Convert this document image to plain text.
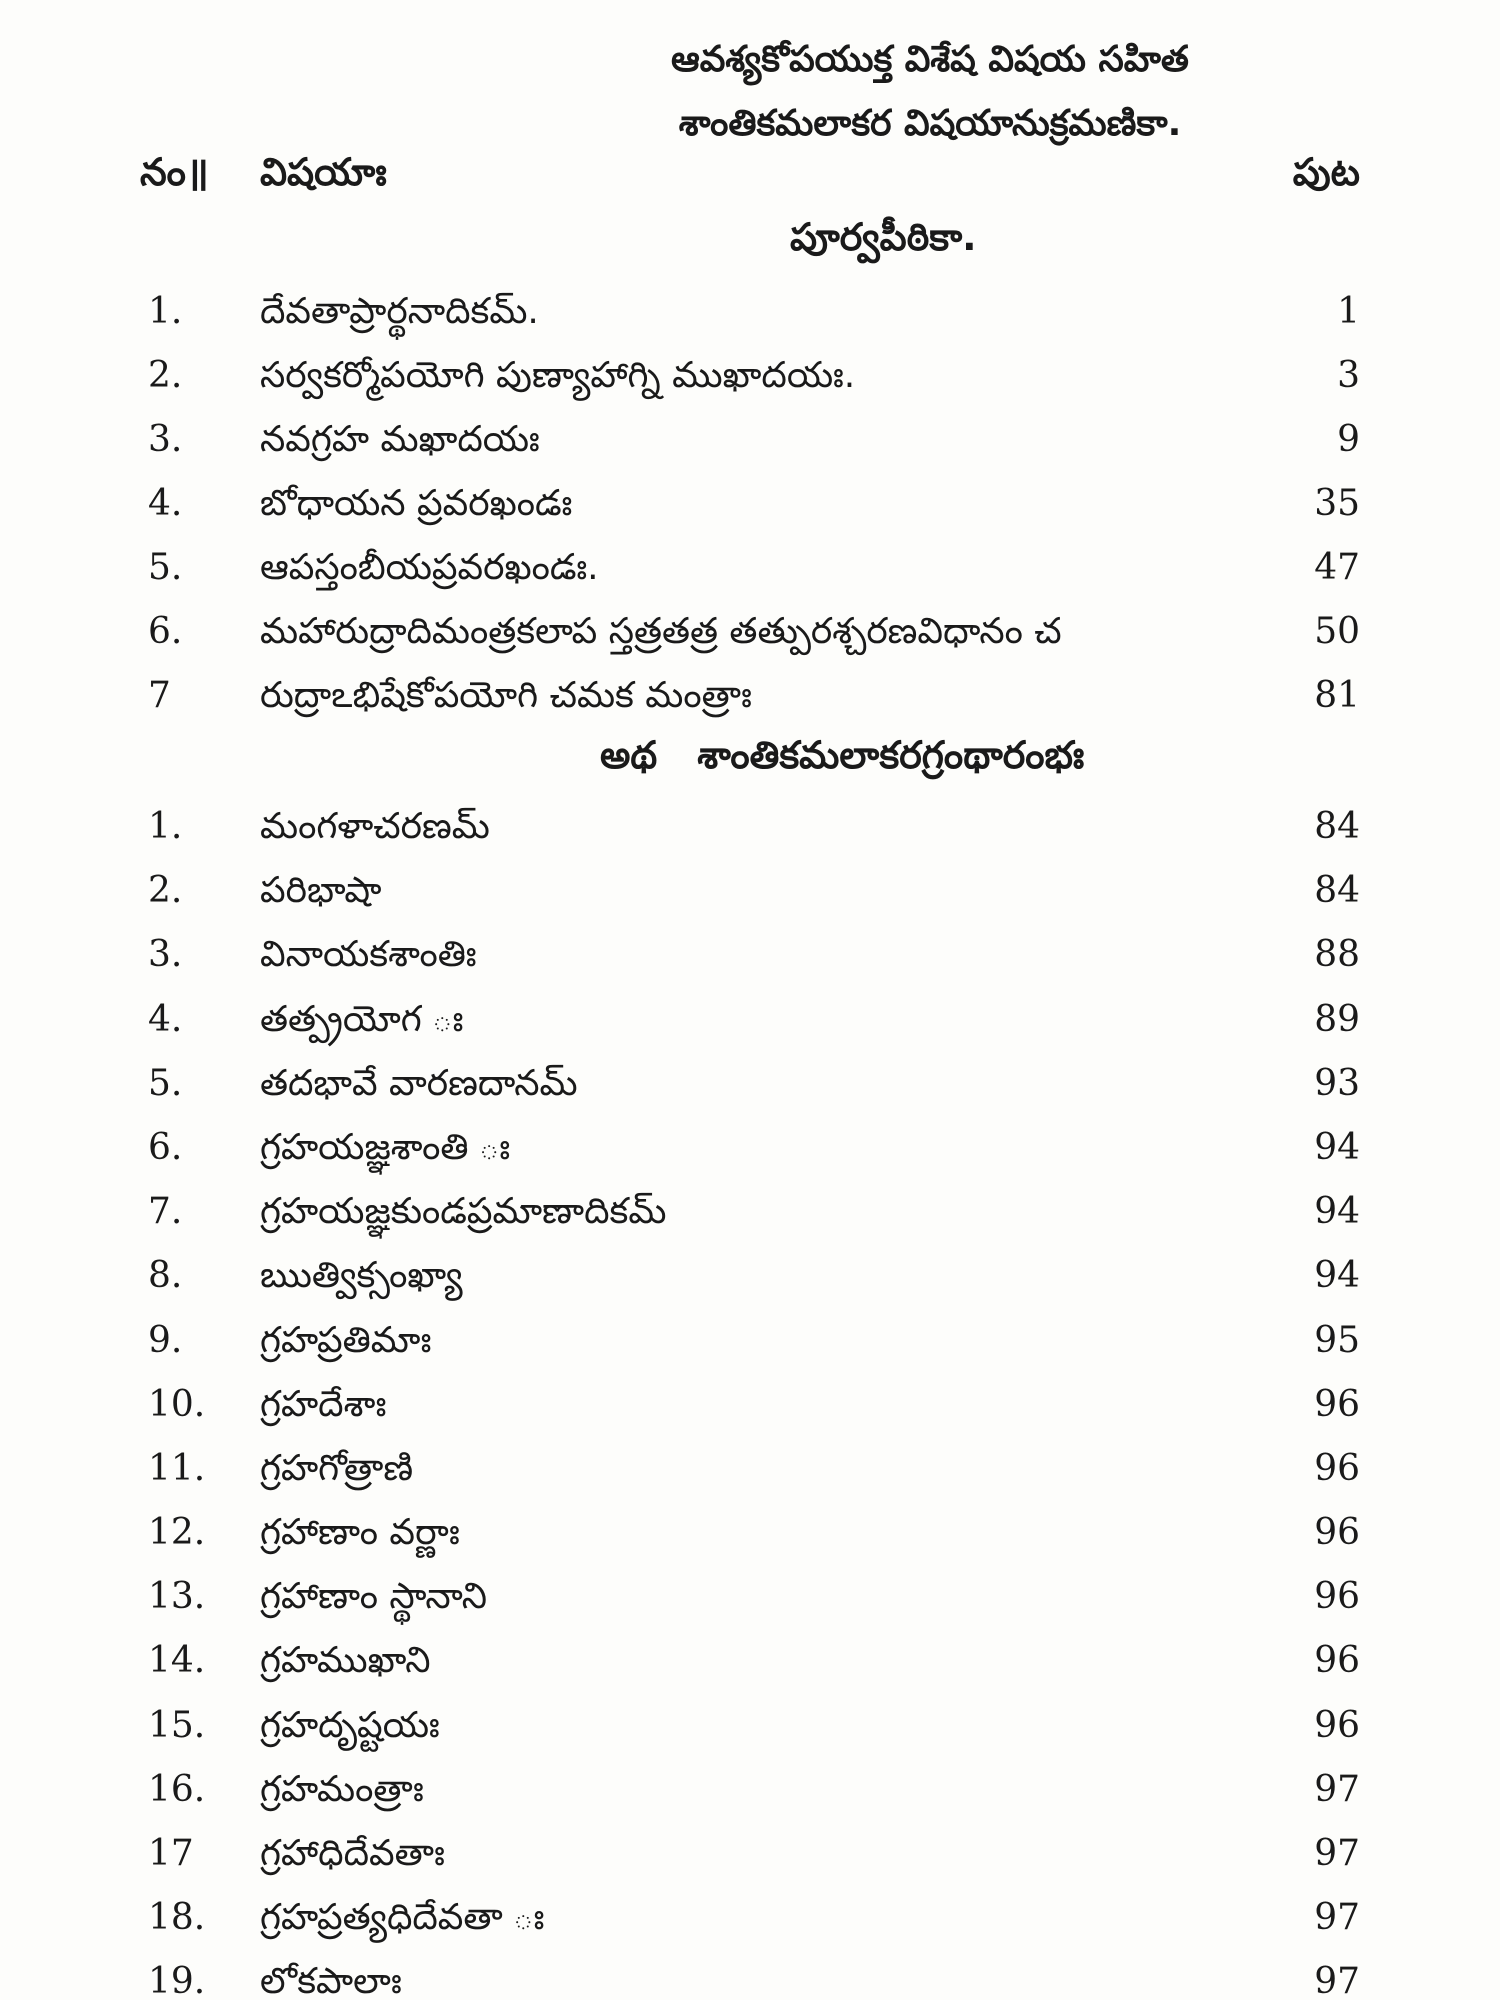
ఆవశ్యకోపయుక్త విశేష విషయ సహిత
శాంతికమలాకర విషయానుక్రమణికా.
నం॥ విషయాః	పుట
పూర్వపీఠికా.
1. దేవతాప్రార్థనాదికమ్.	1
2. సర్వకర్మోపయోగి పుణ్యాహాగ్ని ముఖాదయః.	3
3. నవగ్రహ మఖాదయః	9
4. బోధాయన ప్రవరఖండః	35
5. ఆపస్తంబీయప్రవరఖండః.	47
6. మహారుద్రాదిమంత్రకలాప స్తత్రతత్ర తత్పురశ్చరణవిధానం చ	50
7 రుద్రాఽభిషేకోపయోగి చమక మంత్రాః	81
అథ శాంతికమలాకరగ్రంథారంభః
1. మంగళాచరణమ్	84
2. పరిభాషా	84
3. వినాయకశాంతిః	88
4. తత్ప్రయోగ ః	89
5. తదభావే వారణదానమ్	93
6. గ్రహయజ్ఞశాంతి ః	94
7. గ్రహయజ్ఞకుండప్రమాణాదికమ్	94
8. ఋత్విక్సంఖ్యా	94
9. గ్రహప్రతిమాః	95
10. గ్రహదేశాః	96
11. గ్రహగోత్రాణి	96
12. గ్రహాణాం వర్ణాః	96
13. గ్రహాణాం స్థానాని	96
14. గ్రహముఖాని	96
15. గ్రహదృష్టయః	96
16. గ్రహమంత్రాః	97
17 గ్రహాధిదేవతాః	97
18. గ్రహప్రత్యధిదేవతా ః	97
19. లోకపాలాః	97
